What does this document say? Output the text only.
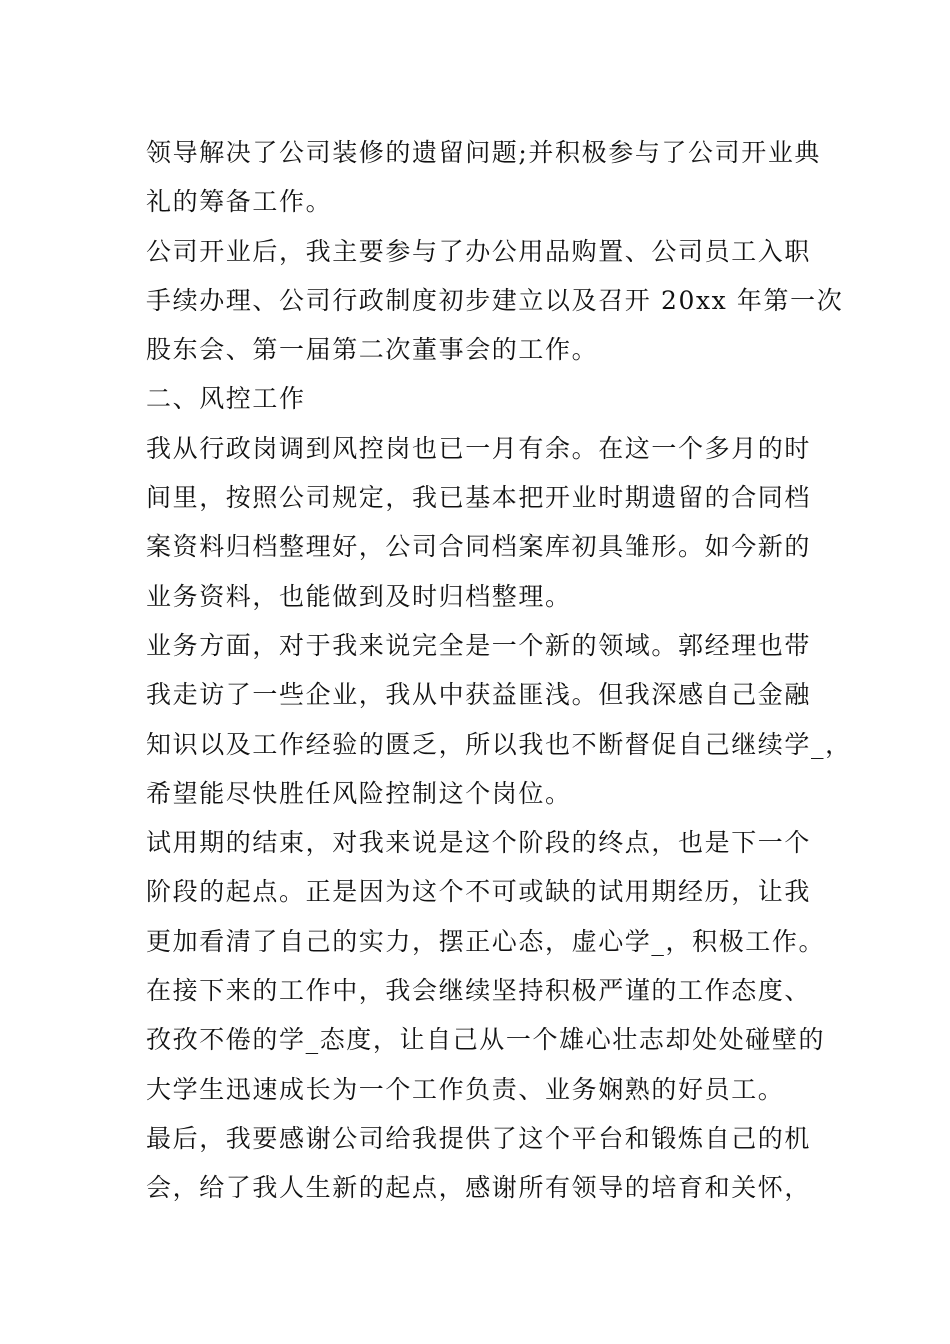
领导解决了公司装修的遗留问题;并积极参与了公司开业典
礼的筹备工作。
公司开业后，我主要参与了办公用品购置、公司员工入职
手续办理、公司行政制度初步建立以及召开 20xx 年第一次
股东会、第一届第二次董事会的工作。
二、风控工作
我从行政岗调到风控岗也已一月有余。在这一个多月的时
间里，按照公司规定，我已基本把开业时期遗留的合同档
案资料归档整理好，公司合同档案库初具雏形。如今新的
业务资料，也能做到及时归档整理。
业务方面，对于我来说完全是一个新的领域。郭经理也带
我走访了一些企业，我从中获益匪浅。但我深感自己金融
知识以及工作经验的匮乏，所以我也不断督促自己继续学_，
希望能尽快胜任风险控制这个岗位。
试用期的结束，对我来说是这个阶段的终点，也是下一个
阶段的起点。正是因为这个不可或缺的试用期经历，让我
更加看清了自己的实力，摆正心态，虚心学_，积极工作。
在接下来的工作中，我会继续坚持积极严谨的工作态度、
孜孜不倦的学_态度，让自己从一个雄心壮志却处处碰壁的
大学生迅速成长为一个工作负责、业务娴熟的好员工。
最后，我要感谢公司给我提供了这个平台和锻炼自己的机
会，给了我人生新的起点，感谢所有领导的培育和关怀，
